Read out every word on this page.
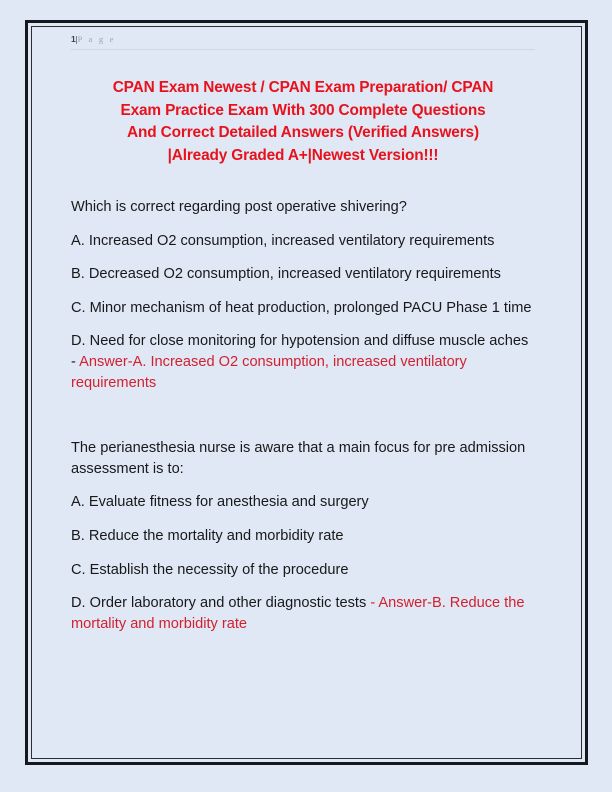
1|P a g e
CPAN Exam Newest / CPAN Exam Preparation/ CPAN
Exam Practice Exam With 300 Complete Questions
And Correct Detailed Answers (Verified Answers)
|Already Graded A+|Newest Version!!!
Which is correct regarding post operative shivering?
A. Increased O2 consumption, increased ventilatory requirements
B. Decreased O2 consumption, increased ventilatory requirements
C. Minor mechanism of heat production, prolonged PACU Phase 1 time
D. Need for close monitoring for hypotension and diffuse muscle aches - Answer-A. Increased O2 consumption, increased ventilatory requirements
The perianesthesia nurse is aware that a main focus for pre admission assessment is to:
A. Evaluate fitness for anesthesia and surgery
B. Reduce the mortality and morbidity rate
C. Establish the necessity of the procedure
D. Order laboratory and other diagnostic tests - Answer-B. Reduce the mortality and morbidity rate
